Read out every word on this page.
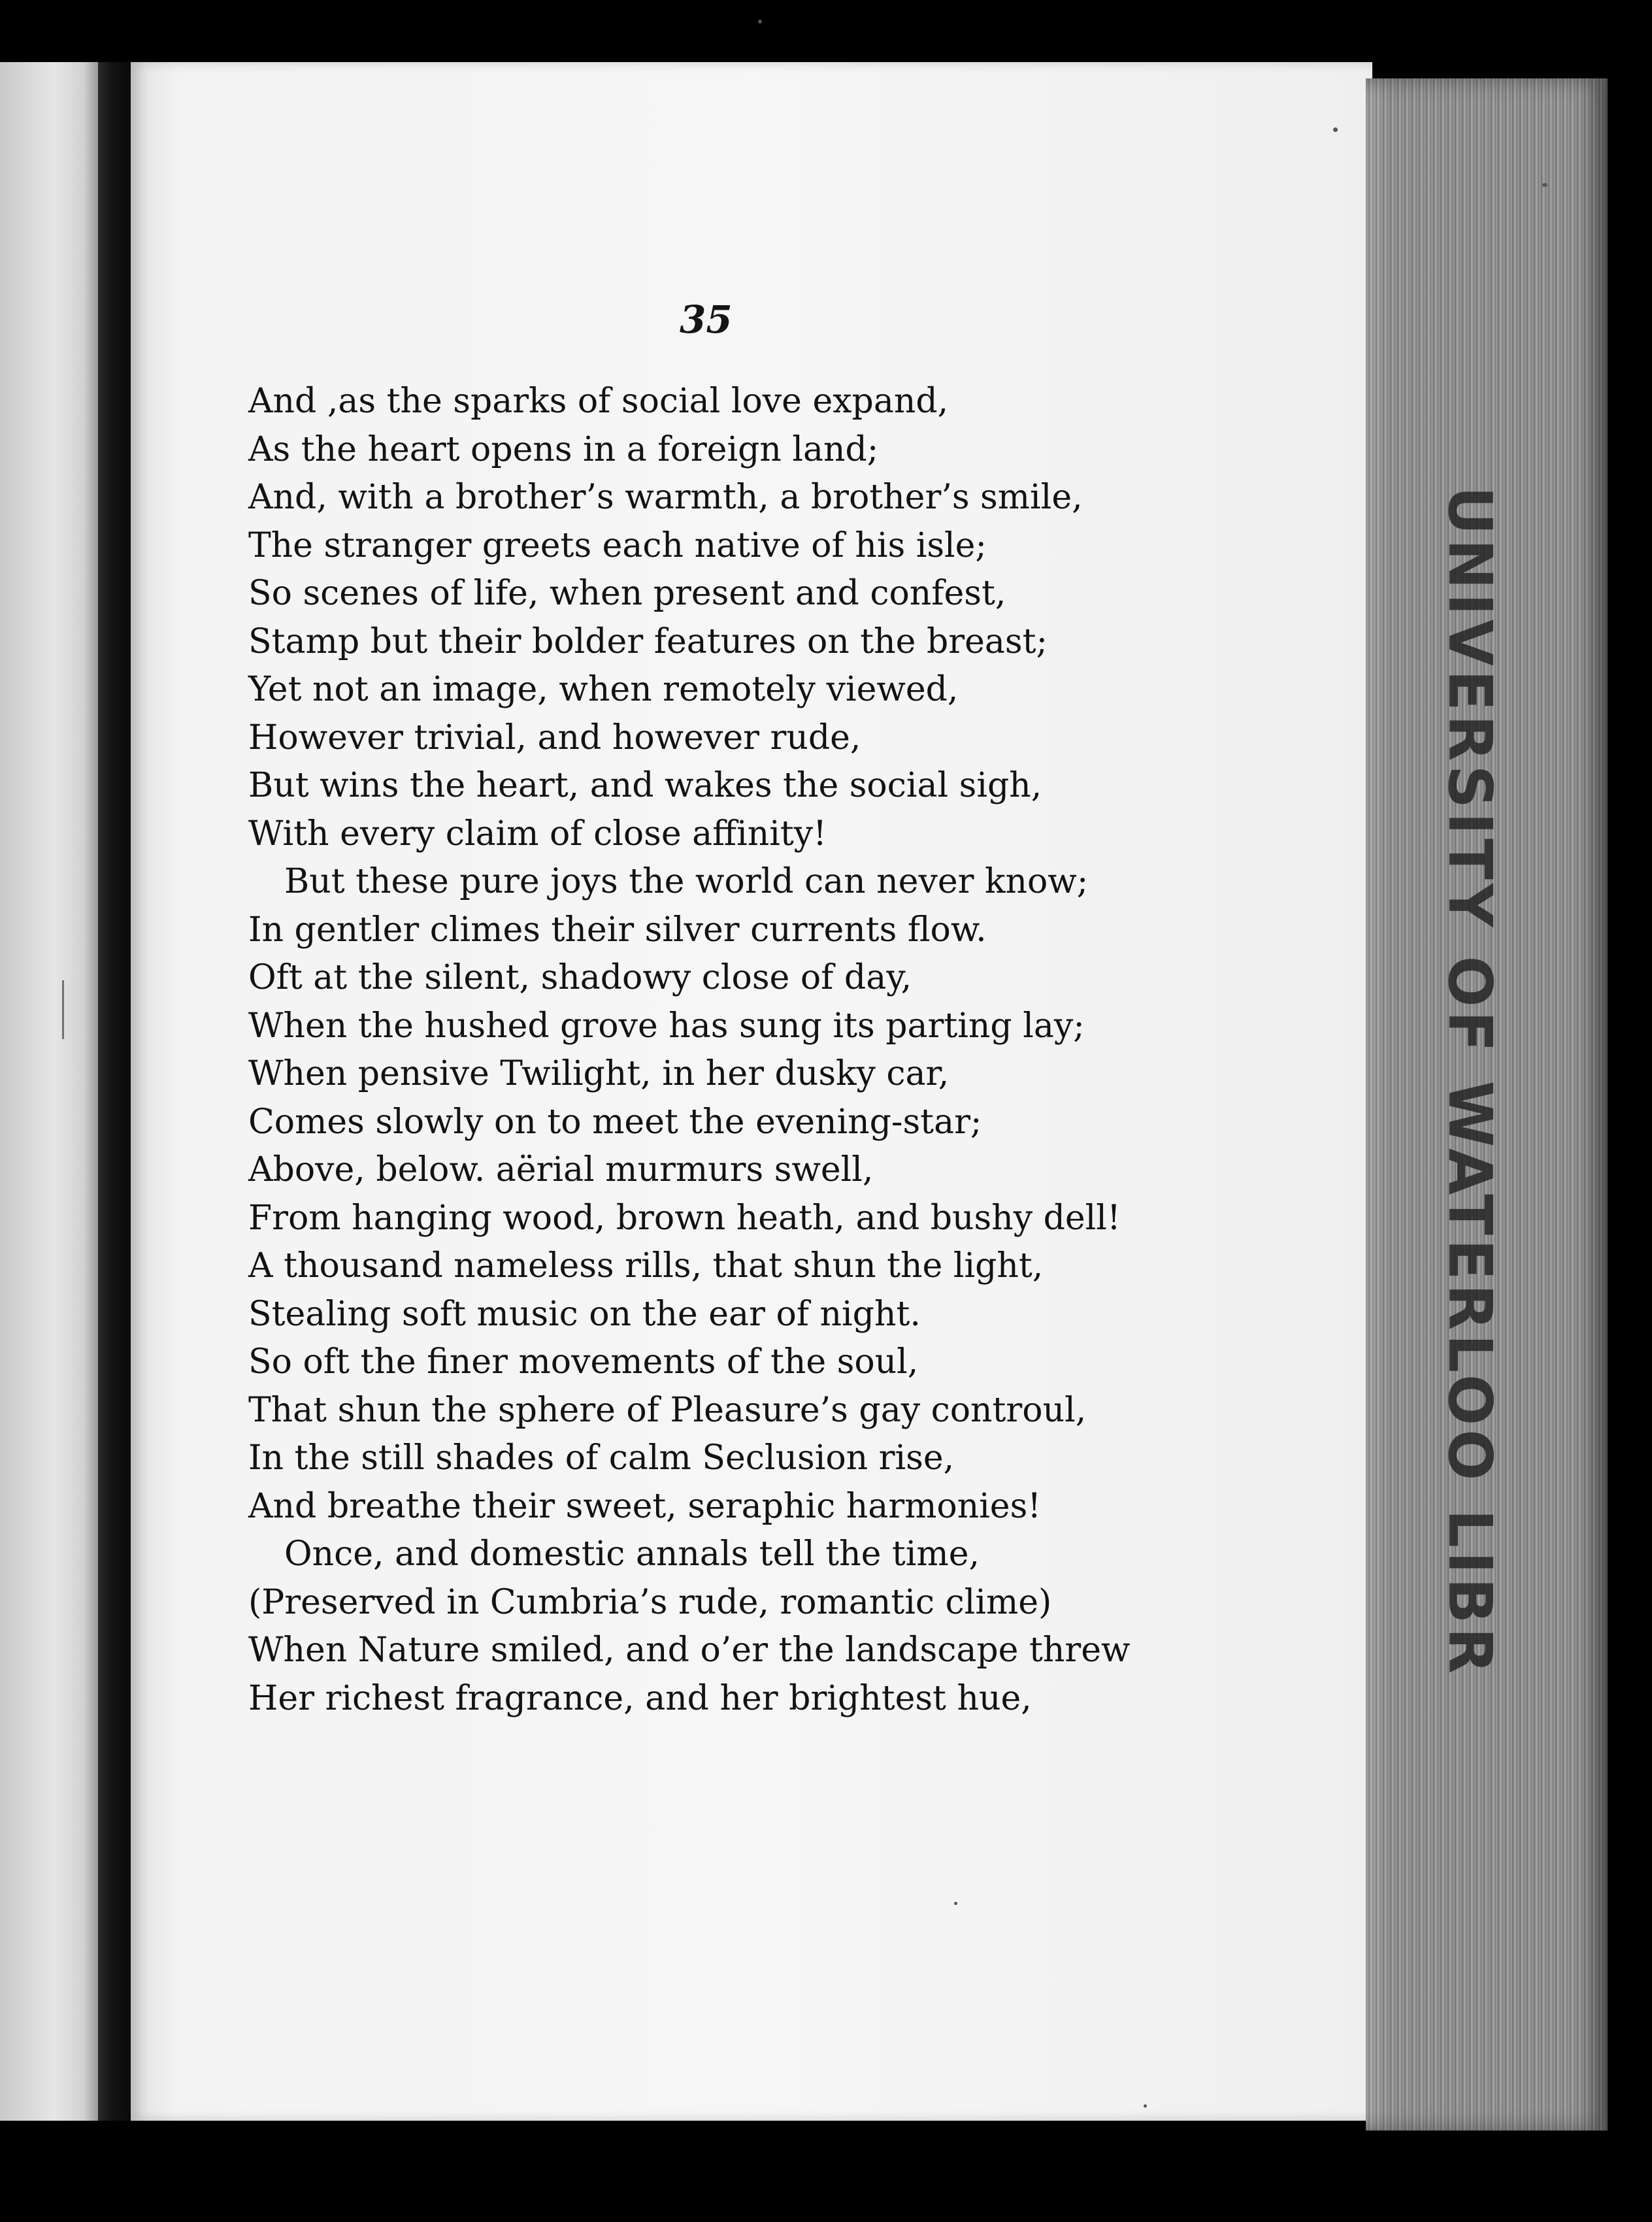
35

And ,as the sparks of social love expand,
As the heart opens in a foreign land;
And, with a brother’s warmth, a brother’s smile,
The stranger greets each native of his isle;
So scenes of life, when present and confest,
Stamp but their bolder features on the breast;
Yet not an image, when remotely viewed,
However trivial, and however rude,
But wins the heart, and wakes the social sigh,
With every claim of close affinity!
But these pure joys the world can never know;
In gentler climes their silver currents flow.
Oft at the silent, shadowy close of day,
When the hushed grove has sung its parting lay;
When pensive Twilight, in her dusky car,
Comes slowly on to meet the evening-star;
Above, below. aërial murmurs swell,
From hanging wood, brown heath, and bushy dell!
A thousand nameless rills, that shun the light,
Stealing soft music on the ear of night.
So oft the finer movements of the soul,
That shun the sphere of Pleasure’s gay controul,
In the still shades of calm Seclusion rise,
And breathe their sweet, seraphic harmonies!
Once, and domestic annals tell the time,
(Preserved in Cumbria’s rude, romantic clime)
When Nature smiled, and o’er the landscape threw
Her richest fragrance, and her brightest hue,
UNIVERSITY OF WATERLOO LIBR
